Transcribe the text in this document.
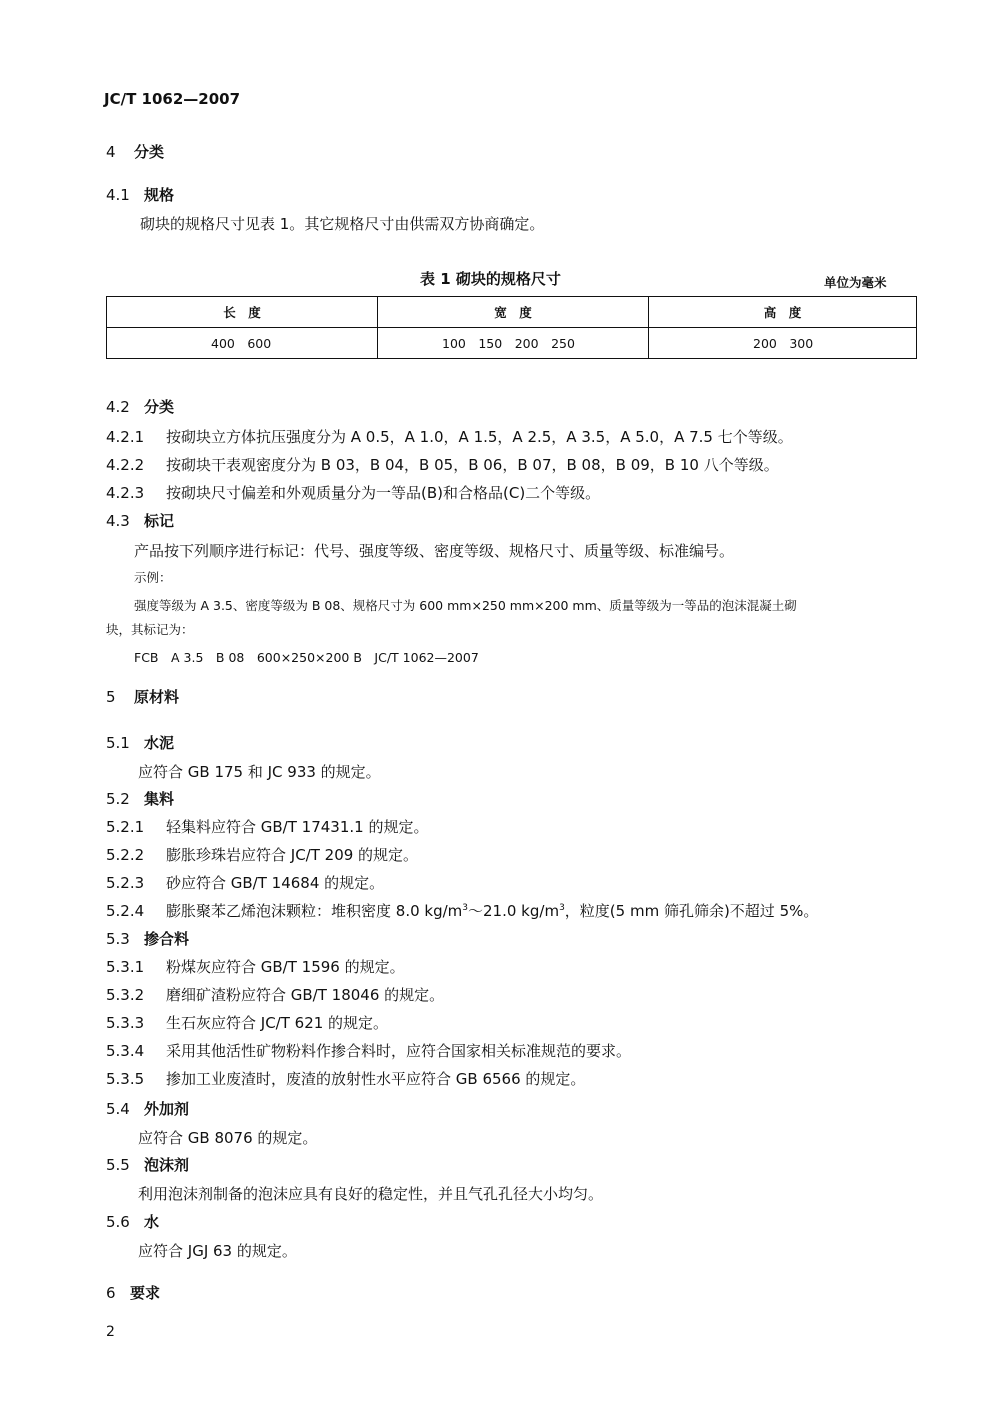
JC/T 1062—2007
4 分类
4.1 规格
砌块的规格尺寸见表 1。其它规格尺寸由供需双方协商确定。
表 1 砌块的规格尺寸	单位为毫米
长　度	宽　度	高　度
400　600	100　150　200　250	200　300
4.2 分类
4.2.1 按砌块立方体抗压强度分为 A 0.5，A 1.0，A 1.5，A 2.5，A 3.5，A 5.0，A 7.5 七个等级。
4.2.2 按砌块干表观密度分为 B 03，B 04，B 05，B 06，B 07，B 08，B 09，B 10 八个等级。
4.2.3 按砌块尺寸偏差和外观质量分为一等品(B)和合格品(C)二个等级。
4.3 标记
产品按下列顺序进行标记：代号、强度等级、密度等级、规格尺寸、质量等级、标准编号。
示例：
强度等级为 A 3.5、密度等级为 B 08、规格尺寸为 600 mm×250 mm×200 mm、质量等级为一等品的泡沫混凝土砌
块，其标记为：
FCB　A 3.5　B 08　600×250×200 B　JC/T 1062—2007
5 原材料
5.1 水泥
应符合 GB 175 和 JC 933 的规定。
5.2 集料
5.2.1 轻集料应符合 GB/T 17431.1 的规定。
5.2.2 膨胀珍珠岩应符合 JC/T 209 的规定。
5.2.3 砂应符合 GB/T 14684 的规定。
5.2.4 膨胀聚苯乙烯泡沫颗粒：堆积密度 8.0 $kg/m^3\sim 21.0$ $kg/m^3$，粒度(5 mm 筛孔筛余)不超过 5%。
5.3 掺合料
5.3.1 粉煤灰应符合 GB/T 1596 的规定。
5.3.2 磨细矿渣粉应符合 GB/T 18046 的规定。
5.3.3 生石灰应符合 JC/T 621 的规定。
5.3.4 采用其他活性矿物粉料作掺合料时，应符合国家相关标准规范的要求。
5.3.5 掺加工业废渣时，废渣的放射性水平应符合 GB 6566 的规定。
5.4 外加剂
应符合 GB 8076 的规定。
5.5 泡沫剂
利用泡沫剂制备的泡沫应具有良好的稳定性，并且气孔孔径大小均匀。
5.6 水
应符合 JGJ 63 的规定。
6 要求
2
